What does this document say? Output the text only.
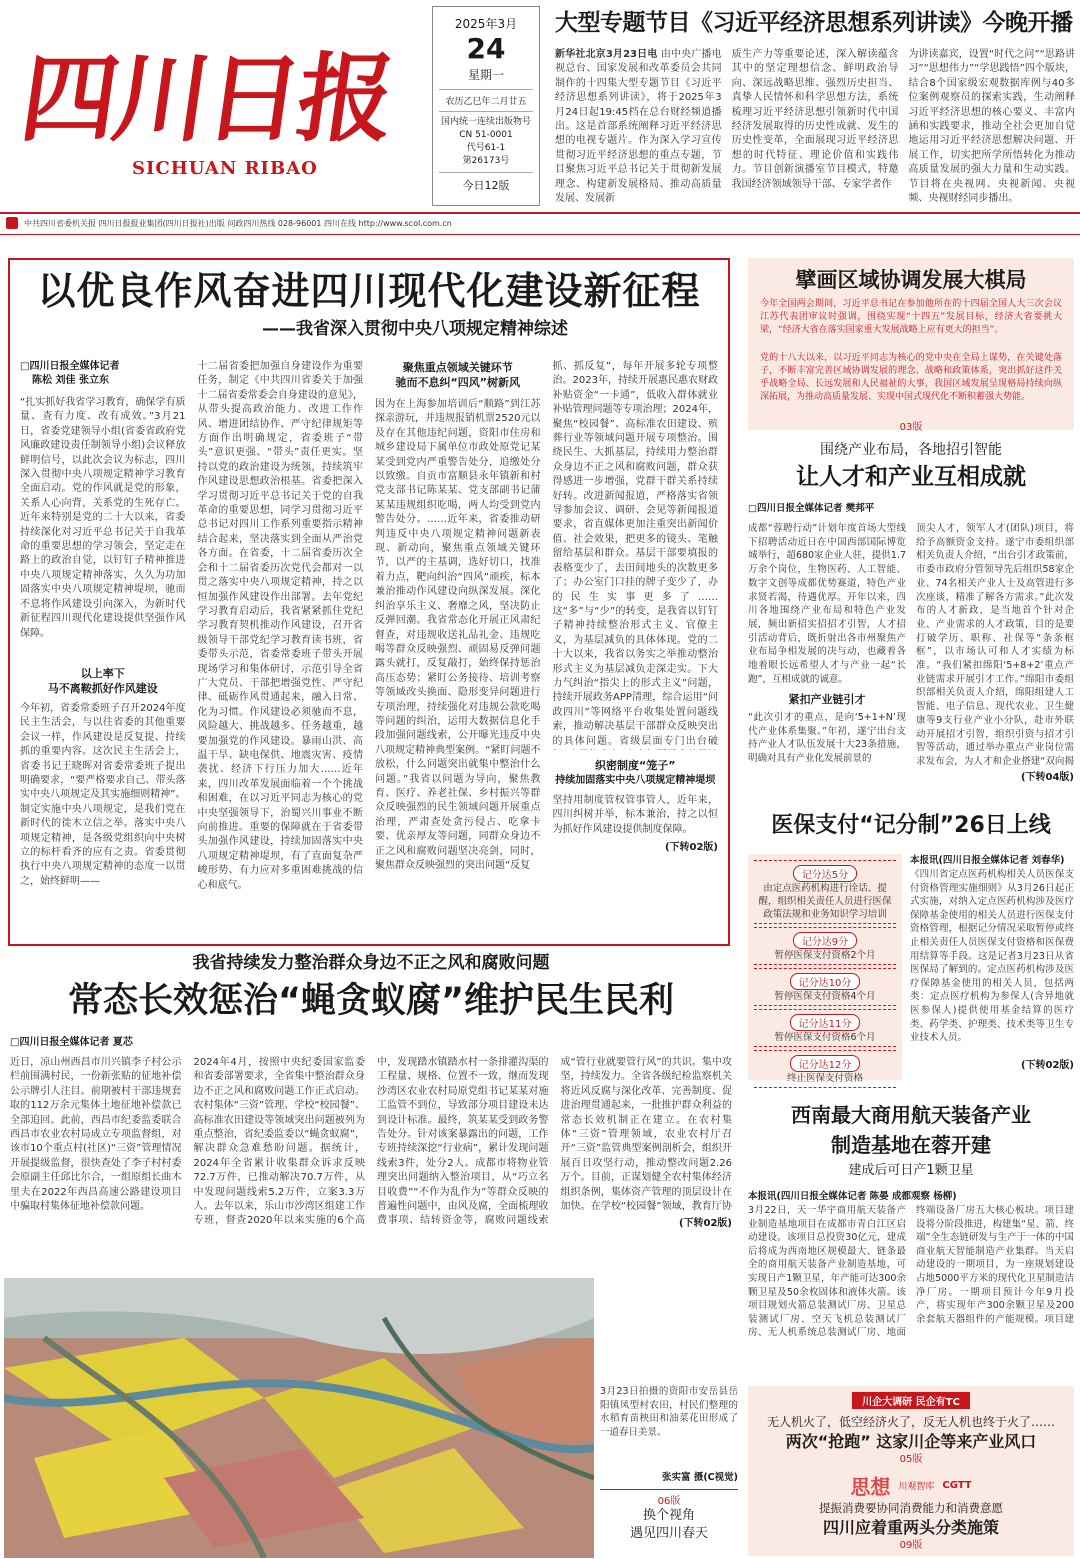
四川日报
SICHUAN RIBAO
2025年3月
24
星期一
农历乙巳年二月廿五
国内统一连续出版物号
CN 51-0001
代号61-1
第26173号
今日12版
大型专题节目《习近平经济思想系列讲读》今晚开播
新华社北京3月23日电 由中央广播电视总台、国家发展和改革委员会共同制作的十四集大型专题节目《习近平经济思想系列讲读》，将于2025年3月24日起19:45档在总台财经频道播出。这是首部系统阐释习近平经济思想的电视专题片。作为深入学习宣传贯彻习近平经济思想的重点专题，节目聚焦习近平总书记关于贯彻新发展理念、构建新发展格局、推动高质量发展、发展新
质生产力等重要论述，深入解读蕴含其中的坚定理想信念、鲜明政治导向、深远战略思维、强烈历史担当、真挚人民情怀和科学思想方法，系统梳理习近平经济思想引领新时代中国经济发展取得的历史性成就、发生的历史性变革，全面展现习近平经济思想的时代特征、理论价值和实践伟力。节目创新演播室节目模式，特邀我国经济领域领导干部、专家学者作
为讲读嘉宾，设置“时代之问”“思路讲习”“思想伟力”“学思践悟”四个版块，结合8个国家级宏观数据库例与40多位案例观察员的探索实践，生动阐释习近平经济思想的核心要义、丰富内涵和实践要求，推动全社会更加自觉地运用习近平经济思想解决问题、开展工作，切实把所学所悟转化为推动高质量发展的强大力量和生动实践。节目将在央视网、央视新闻、央视频、央视财经同步播出。
中共四川省委机关报 四川日报报业集团(四川日报社)出版 问政四川热线 028-96001 四川在线 http://www.scol.com.cn
以优良作风奋进四川现代化建设新征程
——我省深入贯彻中央八项规定精神综述
□四川日报全媒体记者
陈松 刘佳 张立东
“扎实抓好我省学习教育，确保学有质量、查有力度、改有成效。”3月21日，省委党建领导小组(省委省政府党风廉政建设责任制领导小组)会议释放鲜明信号，以此次会议为标志，四川深入贯彻中央八项规定精神学习教育全面启动。党的作风就是党的形象，关系人心向背，关系党的生死存亡。近年来特别是党的二十大以来，省委持续深化对习近平总书记关于自我革命的重要思想的学习领会，坚定走在路上的政治自觉，以钉钉子精神推进中央八项规定精神落实，久久为功加固落实中央八项规定精神堤坝，驰而不息将作风建设引向深入，为新时代新征程四川现代化建设提供坚强作风保障。
以上率下
马不离鞍抓好作风建设
今年初，省委常委班子召开2024年度民主生活会，与以往省委的其他重要会议一样，作风建设是反复提、持续抓的重要内容。这次民主生活会上，省委书记王晓晖对省委常委班子提出明确要求，“要严格要求自己、带头落实中央八项规定及其实施细则精神”。制定实施中央八项规定，是我们党在新时代的徙木立信之举。落实中央八项规定精神，是各级党组织向中央树立的标杆看齐的应有之责。省委贯彻执行中央八项规定精神的态度一以贯之，始终鲜明——
十二届省委把加强自身建设作为重要任务，制定《中共四川省委关于加强十二届省委常委会自身建设的意见》，从带头提高政治能力、改进工作作风、增进团结协作、严守纪律规矩等方面作出明确规定，省委班子“带头”意识更强、“带头”责任更实。坚持以党的政治建设为统领，持续筑牢作风建设思想政治根基。省委把深入学习贯彻习近平总书记关于党的自我革命的重要思想，同学习贯彻习近平总书记对四川工作系列重要指示精神结合起来，坚决落实到全面从严治党各方面。在省委，十二届省委历次全会和十二届省委历次党代会都对一以贯之落实中央八项规定精神，持之以恒加强作风建设作出部署。去年党纪学习教育启动后，我省紧紧抓住党纪学习教育契机推动作风建设，召开省级领导干部党纪学习教育读书班，省委带头示范，省委常委班子带头开展现场学习和集体研讨，示范引导全省广大党员、干部把增强党性、严守纪律、砥砺作风贯通起来，融入日常、化为习惯。作风建设必须驰而不息，风险越大、挑战越多、任务越重，越要加强党的作风建设。暴雨山洪、高温干旱、缺电保供、地震灾害、疫情袭扰、经济下行压力加大……近年来，四川改革发展面临着一个个挑战和困难，在以习近平同志为核心的党中央坚强领导下，治蜀兴川事业不断向前推进。重要的保障就在于省委带头加强作风建设，持续加固落实中央八项规定精神堤坝，有了直面复杂严峻形势、有力应对多重困难挑战的信心和底气。
聚焦重点领域关键环节
驰而不息纠“四风”树新风
因为在上海参加培训后“顺路”到江苏探亲游玩，并违规报销机票2520元以及存在其他违纪问题，资阳市住房和城乡建设局下属单位市政处原党记某某受到党内严重警告处分，追缴处分以致缴。自贡市富顺县永年镇新和村党支部书记陈某某、党支部副书记蒲某某违规组织吃喝，两人均受到党内警告处分。……近年来，省委推动研判违反中央八项规定精神问题新表现、新动向，聚焦重点领域关键环节，以严的主基调，选好切口，找准着力点，靶向纠治“四风”顽疾，标本兼治推动作风建设向纵深发展。深化纠治享乐主义、奢靡之风，坚决防止反弹回潮。我省常态化开展正风肃纪督查，对违规收送礼品礼金、违规吃喝等群众反映强烈、顽固易反弹问题露头就打，反复敲打，始终保持惩治高压态势；紧盯公务接待、培训考察等领域改头换面、隐形变异问题进行专项治理，持续强化对违规公款吃喝等问题的纠治，运用大数据信息化手段加强问题线索，公开曝光违反中央八项规定精神典型案例。“紧盯问题不放松，什么问题突出就集中整治什么问题。”我省以问题为导向，聚焦教育、医疗、养老社保、乡村振兴等群众反映强烈的民生领域问题开展重点治理，严肃查处贪污侵占、吃拿卡要、优亲厚友等问题，同群众身边不正之风和腐败问题坚决亮剑，同时，聚焦群众反映强烈的突出问题“反复
抓、抓反复”，每年开展多轮专项整治。2023年，持续开展惠民惠农财政补贴资金“一卡通”，低收入群体就业补贴管理问题等专项治理；2024年，聚焦“校园餐”、高标准农田建设、殡葬行业等领域问题开展专项整治。围绕民生、大抓基层，持续用力整治群众身边不正之风和腐败问题，群众获得感进一步增强，党群干群关系持续好转。改进新闻报道，严格落实省领导参加会议、调研、会见等新闻报道要求，省直媒体更加注重突出新闻价值、社会效果，把更多的镜头、笔触留给基层和群众。基层干部要填报的表格变少了，去田间地头的次数更多了；办公室门口挂的牌子变少了，办的民生实事更多了……这“多”与“少”的转变，是我省以钉钉子精神持续整治形式主义、官僚主义，为基层减负的具体体现。党的二十大以来，我省以务实之举推动整治形式主义为基层减负走深走实。下大力气纠治“指尖上的形式主义”问题，持续开展政务APP清理，综合运用“问政四川”等网络平台收集处置问题线索，推动解决基层干部群众反映突出的具体问题。省级层面专门出台破
织密制度“笼子”
持续加固落实中央八项规定精神堤坝
坚持用制度管权管事管人，近年来，四川纠树并举，标本兼治，持之以恒为抓好作风建设提供制度保障。
(下转02版)
我省持续发力整治群众身边不正之风和腐败问题
常态长效惩治“蝇贪蚁腐”维护民生民利
□四川日报全媒体记者 夏芯
近日，凉山州西昌市川兴镇李子村公示栏前围满村民，一份新张贴的征地补偿公示牌引人注目。前期被村干部违规套取的112万余元集体土地征地补偿款已全部追回。此前，西昌市纪委监委联合西昌市农业农村局成立专项监督组，对该市10个重点村(社区)“三资”管理情况开展提级监督，很快查处了李子村村委会原副主任邱比尔合，一组原组长曲木里夫在2022年西昌高速公路建设项目中骗取村集体征地补偿款问题。
2024年4月，按照中央纪委国家监委和省委部署要求，全省集中整治群众身边不正之风和腐败问题工作正式启动。农村集体“三资”管理、学校“校园餐”、高标准农田建设等领域突出问题被列为重点整治，省纪委监委以“蝇贪蚁腐”，解决群众急难愁盼问题。据统计，2024年全省累计收集群众诉求反映72.7万件，已推动解决70.7万件，从中发现问题线索5.2万件，立案3.3万人。去年以来，乐山市沙湾区组建工作专班，督查2020年以来实施的6个高
中，发现踏水镇踏水村一条排灌沟渠的工程量、规格、位置不一致，继而发现沙湾区农业农村局原党组书记某某对施工监管不到位，导致部分项目建设未达到设计标准。最终，筑某某受到政务警告处分。针对该案暴露出的问题，工作专班持续深挖“行业病”，累计发现问题线索3件，处分2人。成都市将物业管理突出问题纳入整治项目，从“巧立名目收费”“不作为乱作为”等群众反映的普遍性问题中，由风及腐，全面梳理收费事项、结转资金等，腐败问题线索
成“管行业就要管行风”的共识。集中攻坚，持续发力。全省各级纪检监察机关将近风反腐与深化改革、完善制度、促进治理贯通起来，一批推护群众利益的常态长效机制正在建立。在农村集体“三资”管理领域，农业农村厅召开“三资”监管典型案例剖析会，组织开展百日攻坚行动，推动整改问题2.26万个。目前，正谋划健全农村集体经济组织条例，集体资产管理的顶层设计在加快。在学校“校园餐”领域，教育厅协
(下转02版)
3月23日拍摄的资阳市安岳县岳阳镇凤型村农田，村民们整理的水稻育苗秧田和油菜花田形成了一道春日美景。
张实富 摄(C视觉)
06版
换个视角
遇见四川春天
擘画区域协调发展大棋局
今年全国两会期间，习近平总书记在参加他所在的十四届全国人大三次会议江苏代表团审议时强调，围绕实现“十四五”发展目标，经济大省要挑大梁，“经济大省在落实国家重大发展战略上应有更大的担当”。
党的十八大以来，以习近平同志为核心的党中央在全局上谋势，在关键处落子，不断丰富完善区域协调发展的理念、战略和政策体系，突出抓好这件关乎战略全局、长远发展和人民福祉的大事，我国区域发展呈现格局持续向纵深拓展，为推动高质量发展、实现中国式现代化不断积蓄强大势能。
03版
围绕产业布局，各地招引智能
让人才和产业互相成就
□四川日报全媒体记者 樊邦平
成都“蓉聘行动”计划年度首场大型线下招聘活动近日在中国西部国际博览城举行，超680家企业人驻，提供1.7万余个岗位，生物医药、人工智能、数字文创等成都优势赛道，特色产业求贤若渴，待遇优厚。开年以来，四川各地围绕产业布局和特色产业发展，频出新招实招招才引智，人才招引活动背后，既折射出各市州聚焦产业布局争相发展的决与动，也藏着各地着眼长远希望人才与产业一起“长跑”，互相成就的诚意。
紧扣产业链引才
“此次引才的重点，是向‘5+1+N’现代产业体系集聚。”年初，遂宁出台支持产业人才队伍发展十大23条措施，明确对具有产业化发展前景的
顶尖人才，领军人才(团队)项目，将给予高额资金支持。遂宁市委组织部相关负责人介绍，“出台引才政策前，市委市政府分管领导先后组织58家企业、74名相关产业人士及高管进行多次座谈，精准了解各方需求。”此次发布的人才新政，是当地首个针对企业、产业需求的人才政策，目的是要打破学历、职称、社保等“条条框框”，以市场认可和人才实绩为标准。“我们紧扣绵阳‘5+8+2’重点产业链需求开展引才工作。”绵阳市委组织部相关负责人介绍，绵阳组建人工智能、电子信息、现代农业、卫生健康等9支行业产业小分队，赴市外联动开展招才引智，组织引资与招才引智等活动，通过举办重点产业岗位需求发布会，为人才和企业搭建“双向揭
(下转04版)
医保支付“记分制”26日上线
记分达5分
由定点医药机构进行诠话、提醒，组织相关责任人员进行医保政策法规和业务知识学习培训
记分达9分
暂停医保支付资格2个月
记分达10分
暂停医保支付资格4个月
记分达11分
暂停医保支付资格6个月
记分达12分
终止医保支付资格
本报讯(四川日报全媒体记者 刘春华)
《四川省定点医药机构相关人员医保支付资格管理实施细则》从3月26日起正式实施，对纳入定点医药机构涉及医疗保障基金使用的相关人员进行医保支付资格管理，根据记分情况采取暂停或终止相关责任人员医保支付资格和医保费用结算等手段。这是记者3月23日从省医保局了解到的。定点医药机构涉及医疗保障基金使用的相关人员，包括两类：定点医疗机构为参保人(含异地就医参保人)提供使用基金结算的医疗类、药学类、护理类、技术类等卫生专业技术人员。
(下转02版)
西南最大商用航天装备产业
制造基地在蓉开建
建成后可日产1颗卫星
本报讯(四川日报全媒体记者 陈晏 成都观察 杨柳)
3月22日，天一华宇商用航天装备产业制造基地项目在成都市青白江区启动建设。该项目总投资30亿元，建成后将成为西南地区规模最大、链条最全的商用航天装备产业制造基地，可实现日产1颗卫星，年产能可达300余颗卫星及50余枚固体和液体火箭。该项目规划火箭总装测试厂房、卫星总装测试厂房、空天飞机总装测试厂房、无人机系统总装测试厂房、地面终端设备厂房五大核心板块。项目建设将分阶段推进，构建集“星、箭、终端”全生态链研发与生产于一体的中国商业航天智能制造产业集群。当天启动建设的一期项目，为一座规划建设占地5000平方米的现代化卫星制造洁净厂房。一期项目预计今年9月投产，将实现年产300余颗卫星及200余套航天器组件的产能规模。项目建
川企大调研 民企有TC
无人机火了，低空经济火了，反无人机也终于火了……
两次“抢跑” 这家川企等来产业风口
05版
思想 川观智库 CGTT
提振消费要协同消费能力和消费意愿
四川应着重两头分类施策
09版
